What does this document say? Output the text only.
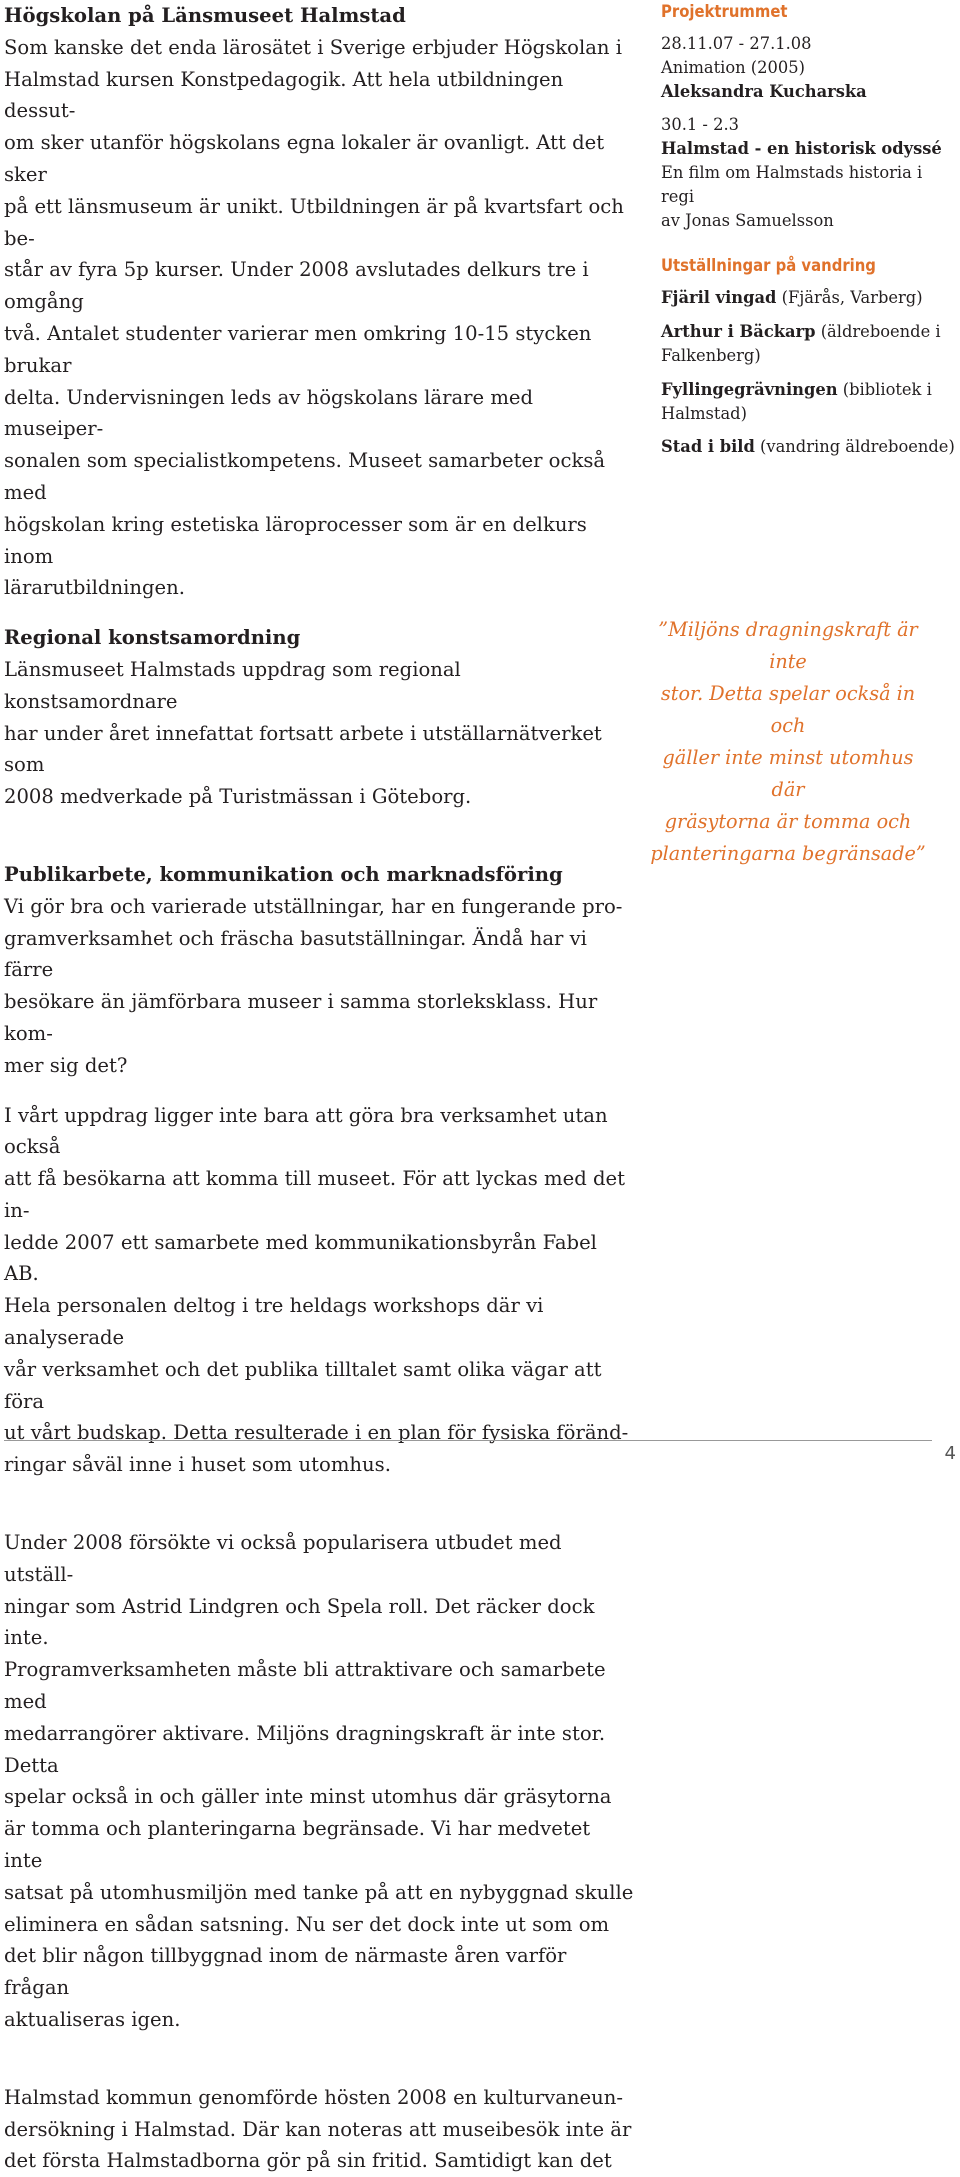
Högskolan på Länsmuseet Halmstad

Som kanske det enda lärosätet i Sverige erbjuder Högskolan i

Halmstad kursen Konstpedagogik. Att hela utbildningen dessut-

om sker utanför högskolans egna lokaler är ovanligt. Att det sker

på ett länsmuseum är unikt. Utbildningen är på kvartsfart och be-

står av fyra 5p kurser. Under 2008 avslutades delkurs tre i omgång

två. Antalet studenter varierar men omkring 10-15 stycken brukar

delta. Undervisningen leds av högskolans lärare med museiper-

sonalen som specialistkompetens. Museet samarbeter också med

högskolan kring estetiska läroprocesser som är en delkurs inom

lärarutbildningen.

Regional konstsamordning

Länsmuseet Halmstads uppdrag som regional konstsamordnare

har under året innefattat fortsatt arbete i utställarnätverket som

2008 medverkade på Turistmässan i Göteborg.

Publikarbete, kommunikation och marknadsföring

Vi gör bra och varierade utställningar, har en fungerande pro-

gramverksamhet och fräscha basutställningar. Ändå har vi färre

besökare än jämförbara museer i samma storleksklass. Hur kom-

mer sig det?

I vårt uppdrag ligger inte bara att göra bra verksamhet utan också

att få besökarna att komma till museet. För att lyckas med det in-

ledde 2007 ett samarbete med kommunikationsbyrån Fabel AB.

Hela personalen deltog i tre heldags workshops där vi analyserade

vår verksamhet och det publika tilltalet samt olika vägar att föra

ut vårt budskap. Detta resulterade i en plan för fysiska föränd-

ringar såväl inne i huset som utomhus.

Under 2008 försökte vi också popularisera utbudet med utställ-

ningar som Astrid Lindgren och Spela roll. Det räcker dock inte.

Programverksamheten måste bli attraktivare och samarbete med

medarrangörer aktivare. Miljöns dragningskraft är inte stor. Detta

spelar också in och gäller inte minst utomhus där gräsytorna

är tomma och planteringarna begränsade. Vi har medvetet inte

satsat på utomhusmiljön med tanke på att en nybyggnad skulle

eliminera en sådan satsning. Nu ser det dock inte ut som om

det blir någon tillbyggnad inom de närmaste åren varför frågan

aktualiseras igen.

Halmstad kommun genomförde hösten 2008 en kulturvaneun-

dersökning i Halmstad. Där kan noteras att museibesök inte är

det första Halmstadborna gör på sin fritid. Samtidigt kan det

Projektrummet

28.11.07 - 27.1.08

Animation (2005)

Aleksandra Kucharska

30.1 - 2.3

Halmstad - en historisk odyssé

En film om Halmstads historia i regi

av Jonas Samuelsson

Utställningar på vandring

Fjäril vingad (Fjärås, Varberg)

Arthur i Bäckarp (äldreboende i

Falkenberg)

Fyllingegrävningen (bibliotek i

Halmstad)

Stad i bild (vandring äldreboende)

”Miljöns dragningskraft är inte
stor. Detta spelar också in och
gäller inte minst utomhus där
gräsytorna är tomma och
planteringarna begränsade”
4
